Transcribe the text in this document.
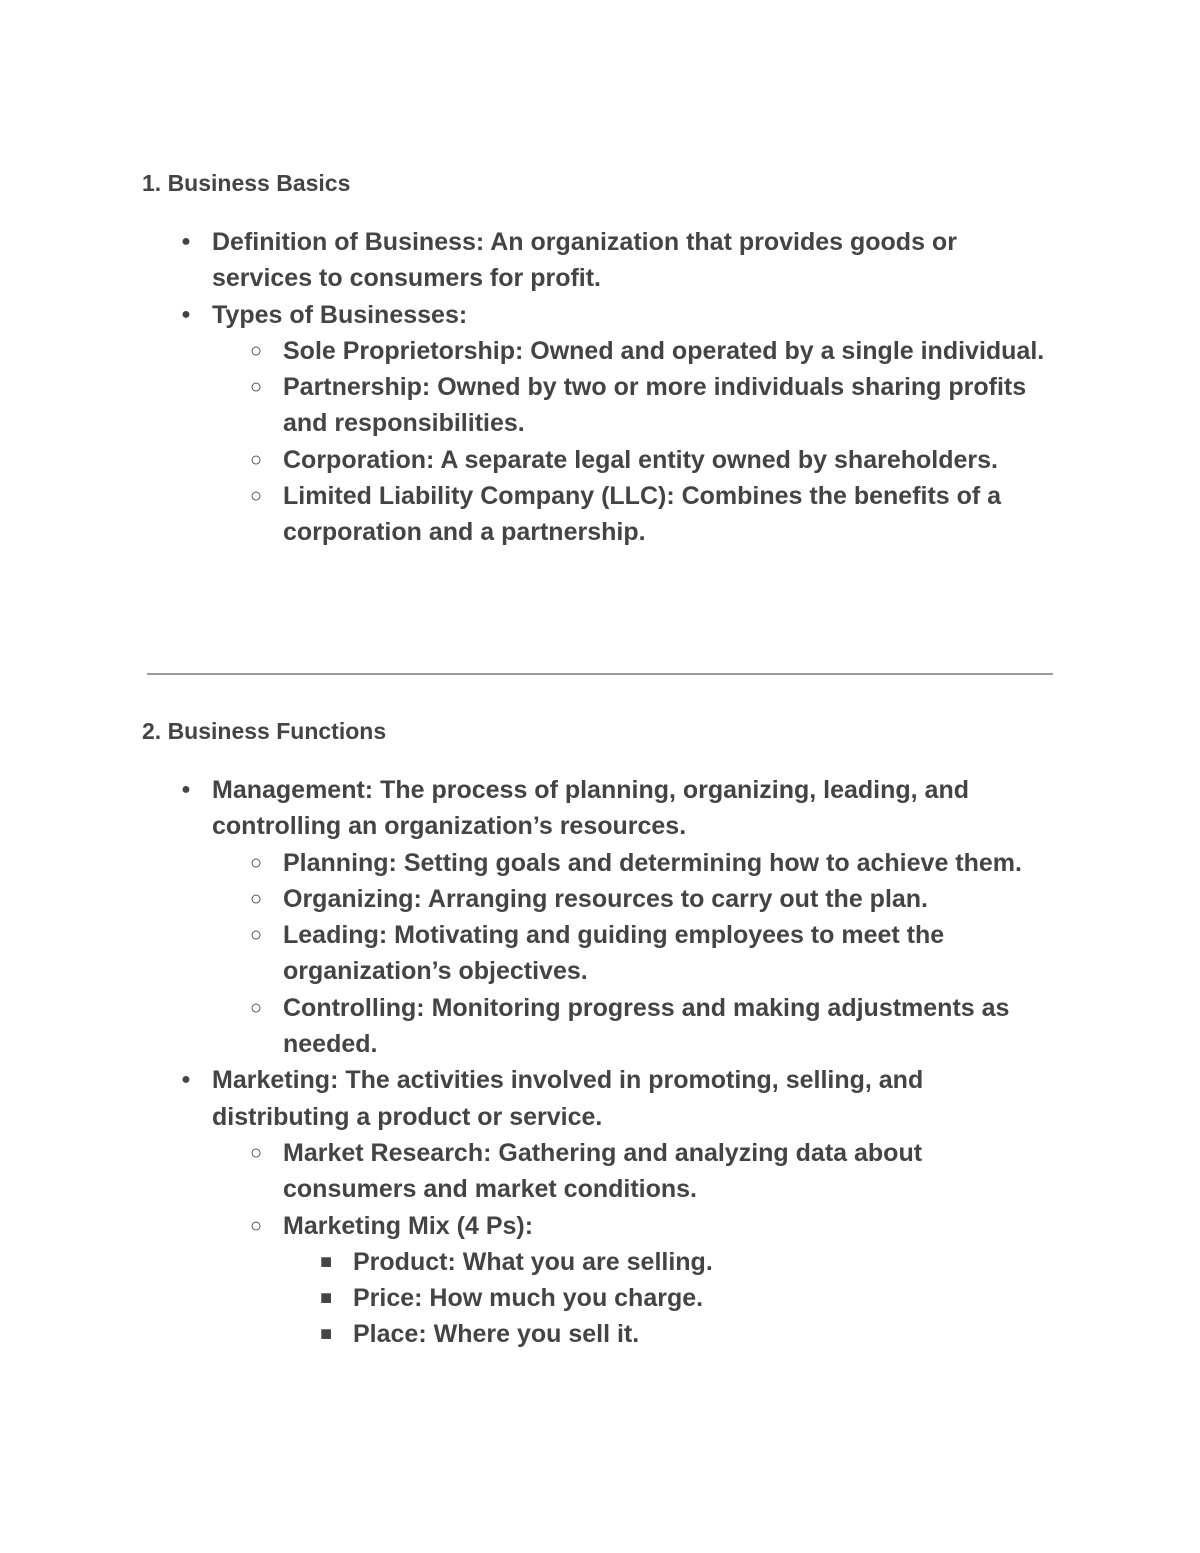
1. Business Basics
● Definition of Business: An organization that provides goods or services to consumers for profit.
● Types of Businesses:
○ Sole Proprietorship: Owned and operated by a single individual.
○ Partnership: Owned by two or more individuals sharing profits and responsibilities.
○ Corporation: A separate legal entity owned by shareholders.
○ Limited Liability Company (LLC): Combines the benefits of a corporation and a partnership.
2. Business Functions
● Management: The process of planning, organizing, leading, and controlling an organization’s resources.
○ Planning: Setting goals and determining how to achieve them.
○ Organizing: Arranging resources to carry out the plan.
○ Leading: Motivating and guiding employees to meet the organization’s objectives.
○ Controlling: Monitoring progress and making adjustments as needed.
● Marketing: The activities involved in promoting, selling, and distributing a product or service.
○ Market Research: Gathering and analyzing data about consumers and market conditions.
○ Marketing Mix (4 Ps):
■ Product: What you are selling.
■ Price: How much you charge.
■ Place: Where you sell it.
